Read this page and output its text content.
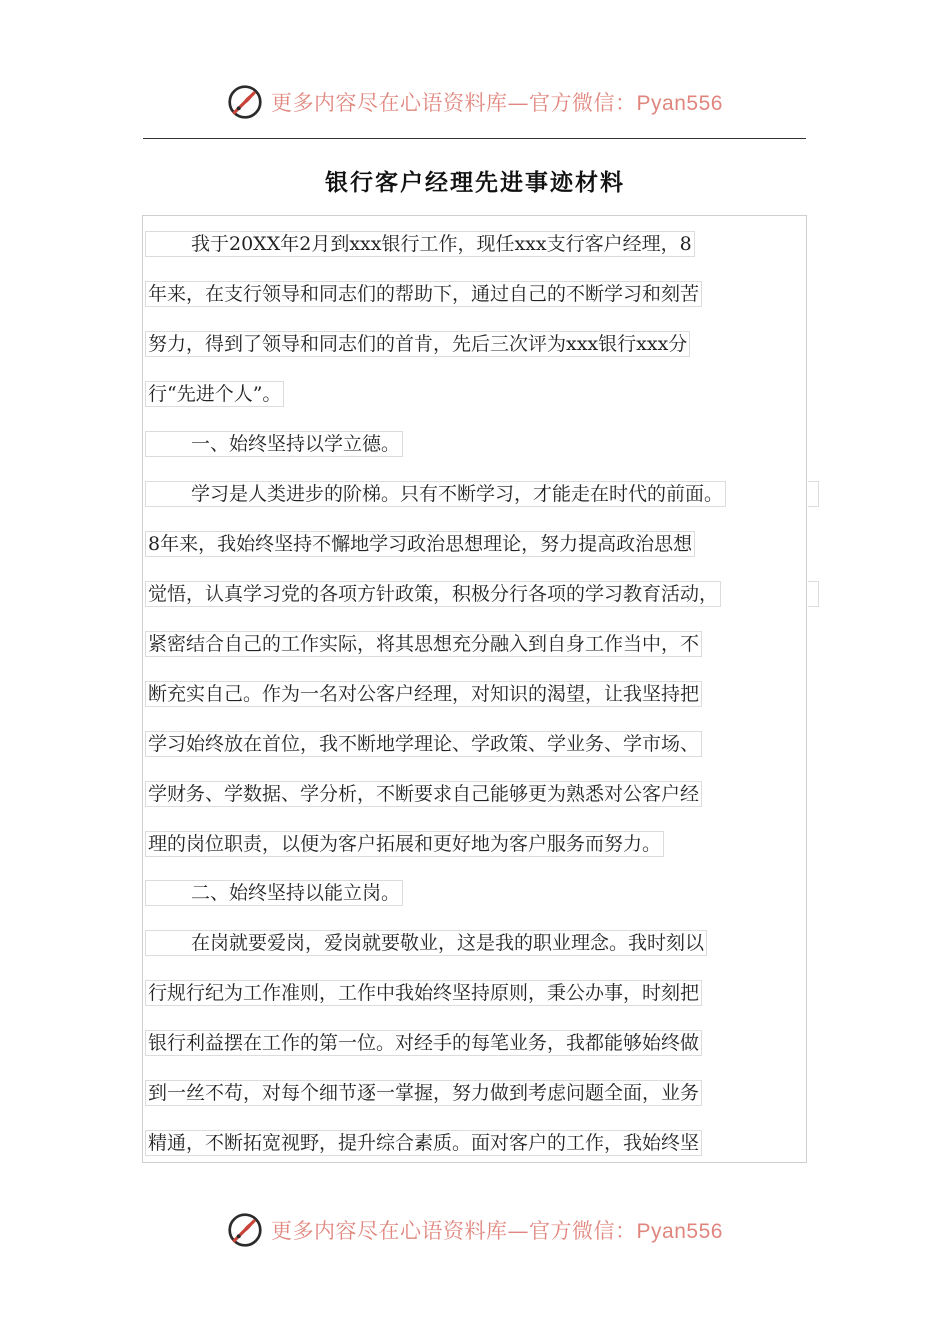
更多内容尽在心语资料库—官方微信：Pyan556
银行客户经理先进事迹材料
我于20XX年2月到xxx银行工作，现任xxx支行客户经理，8
年来，在支行领导和同志们的帮助下，通过自己的不断学习和刻苦
努力，得到了领导和同志们的首肯，先后三次评为xxx银行xxx分
行“先进个人”。
一、始终坚持以学立德。
学习是人类进步的阶梯。只有不断学习，才能走在时代的前面。
8年来，我始终坚持不懈地学习政治思想理论，努力提高政治思想
觉悟，认真学习党的各项方针政策，积极分行各项的学习教育活动，
紧密结合自己的工作实际，将其思想充分融入到自身工作当中，不
断充实自己。作为一名对公客户经理，对知识的渴望，让我坚持把
学习始终放在首位，我不断地学理论、学政策、学业务、学市场、
学财务、学数据、学分析，不断要求自己能够更为熟悉对公客户经
理的岗位职责，以便为客户拓展和更好地为客户服务而努力。
二、始终坚持以能立岗。
在岗就要爱岗，爱岗就要敬业，这是我的职业理念。我时刻以
行规行纪为工作准则，工作中我始终坚持原则，秉公办事，时刻把
银行利益摆在工作的第一位。对经手的每笔业务，我都能够始终做
到一丝不苟，对每个细节逐一掌握，努力做到考虑问题全面，业务
精通，不断拓宽视野，提升综合素质。面对客户的工作，我始终坚
更多内容尽在心语资料库—官方微信：Pyan556
